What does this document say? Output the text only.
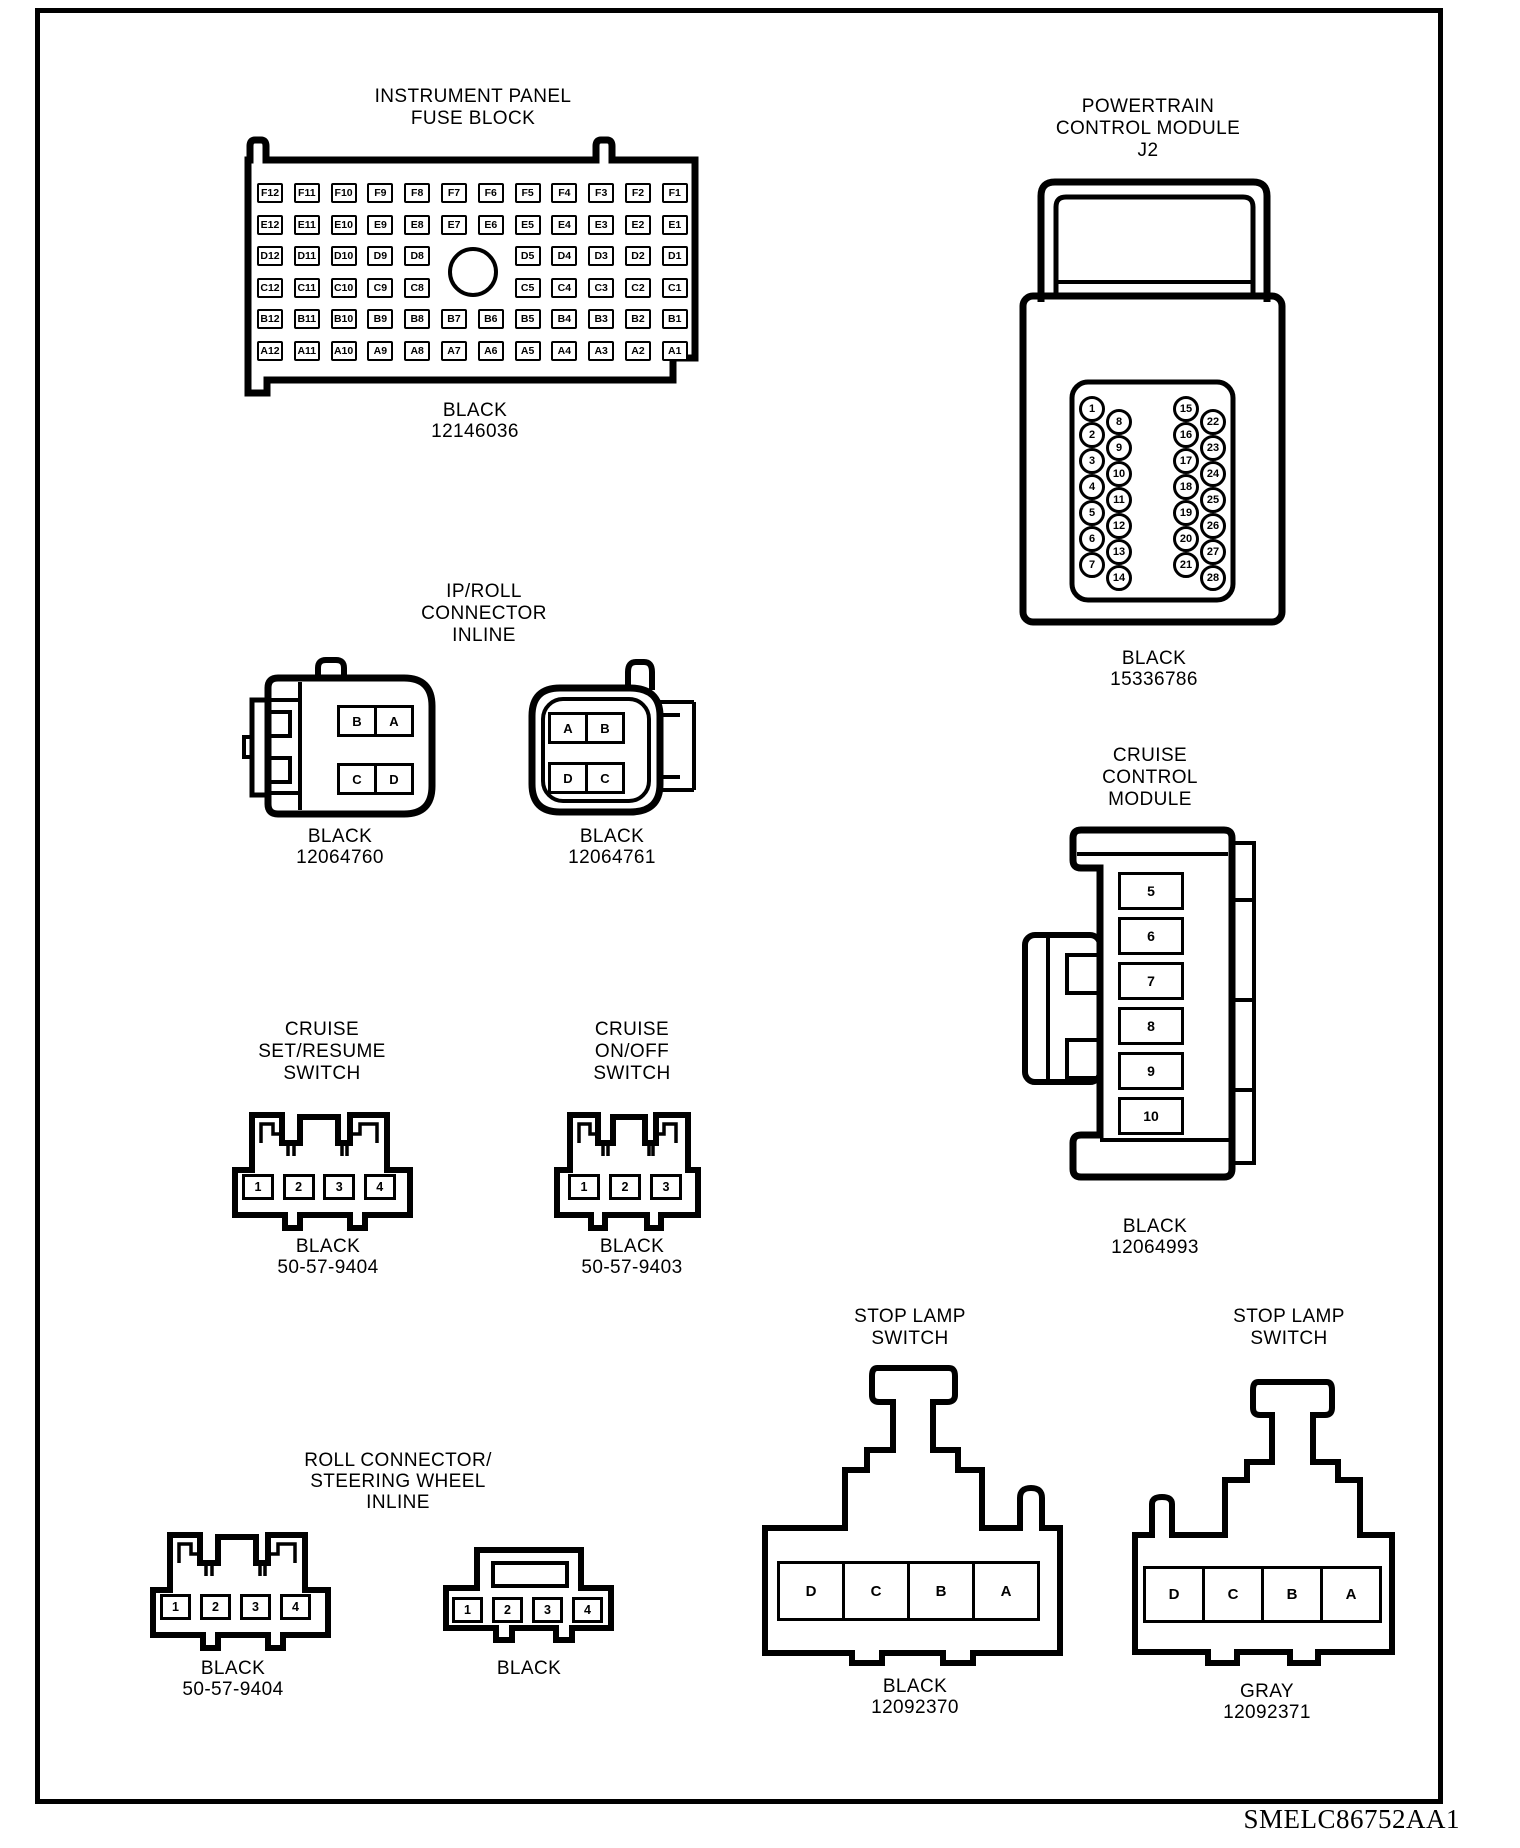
INSTRUMENT PANEL
FUSE BLOCK
F12	F11	F10	F9	F8	F7	F6	F5	F4	F3	F2	F1
E12	E11	E10	E9	E8	E7	E6	E5	E4	E3	E2	E1
D12	D11	D10	D9	D8	D5	D4	D3	D2	D1
C12	C11	C10	C9	C8	C5	C4	C3	C2	C1
B12	B11	B10	B9	B8	B7	B6	B5	B4	B3	B2	B1
A12	A11	A10	A9	A8	A7	A6	A5	A4	A3	A2	A1
BLACK
12146036
POWERTRAIN
CONTROL MODULE
J2
1
2
3
4
5
6
7
8
9
10
11
12
13
14
15
16
17
18
19
20
21
22
23
24
25
26
27
28
BLACK
15336786
IP/ROLL
CONNECTOR
INLINE
B	A
C	D
BLACK
12064760
A	B
D	C
BLACK
12064761
CRUISE
SET/RESUME
SWITCH
1	2	3	4
BLACK
50-57-9404
CRUISE
ON/OFF
SWITCH
1	2	3
BLACK
50-57-9403
CRUISE
CONTROL
MODULE
5
6
7
8
9
10
BLACK
12064993
ROLL CONNECTOR/
STEERING WHEEL
INLINE
1	2	3	4
BLACK
50-57-9404
1	2	3	4
BLACK
STOP LAMP
SWITCH
D	C	B	A
BLACK
12092370
STOP LAMP
SWITCH
D	C	B	A
GRAY
12092371
SMELC86752AA1
